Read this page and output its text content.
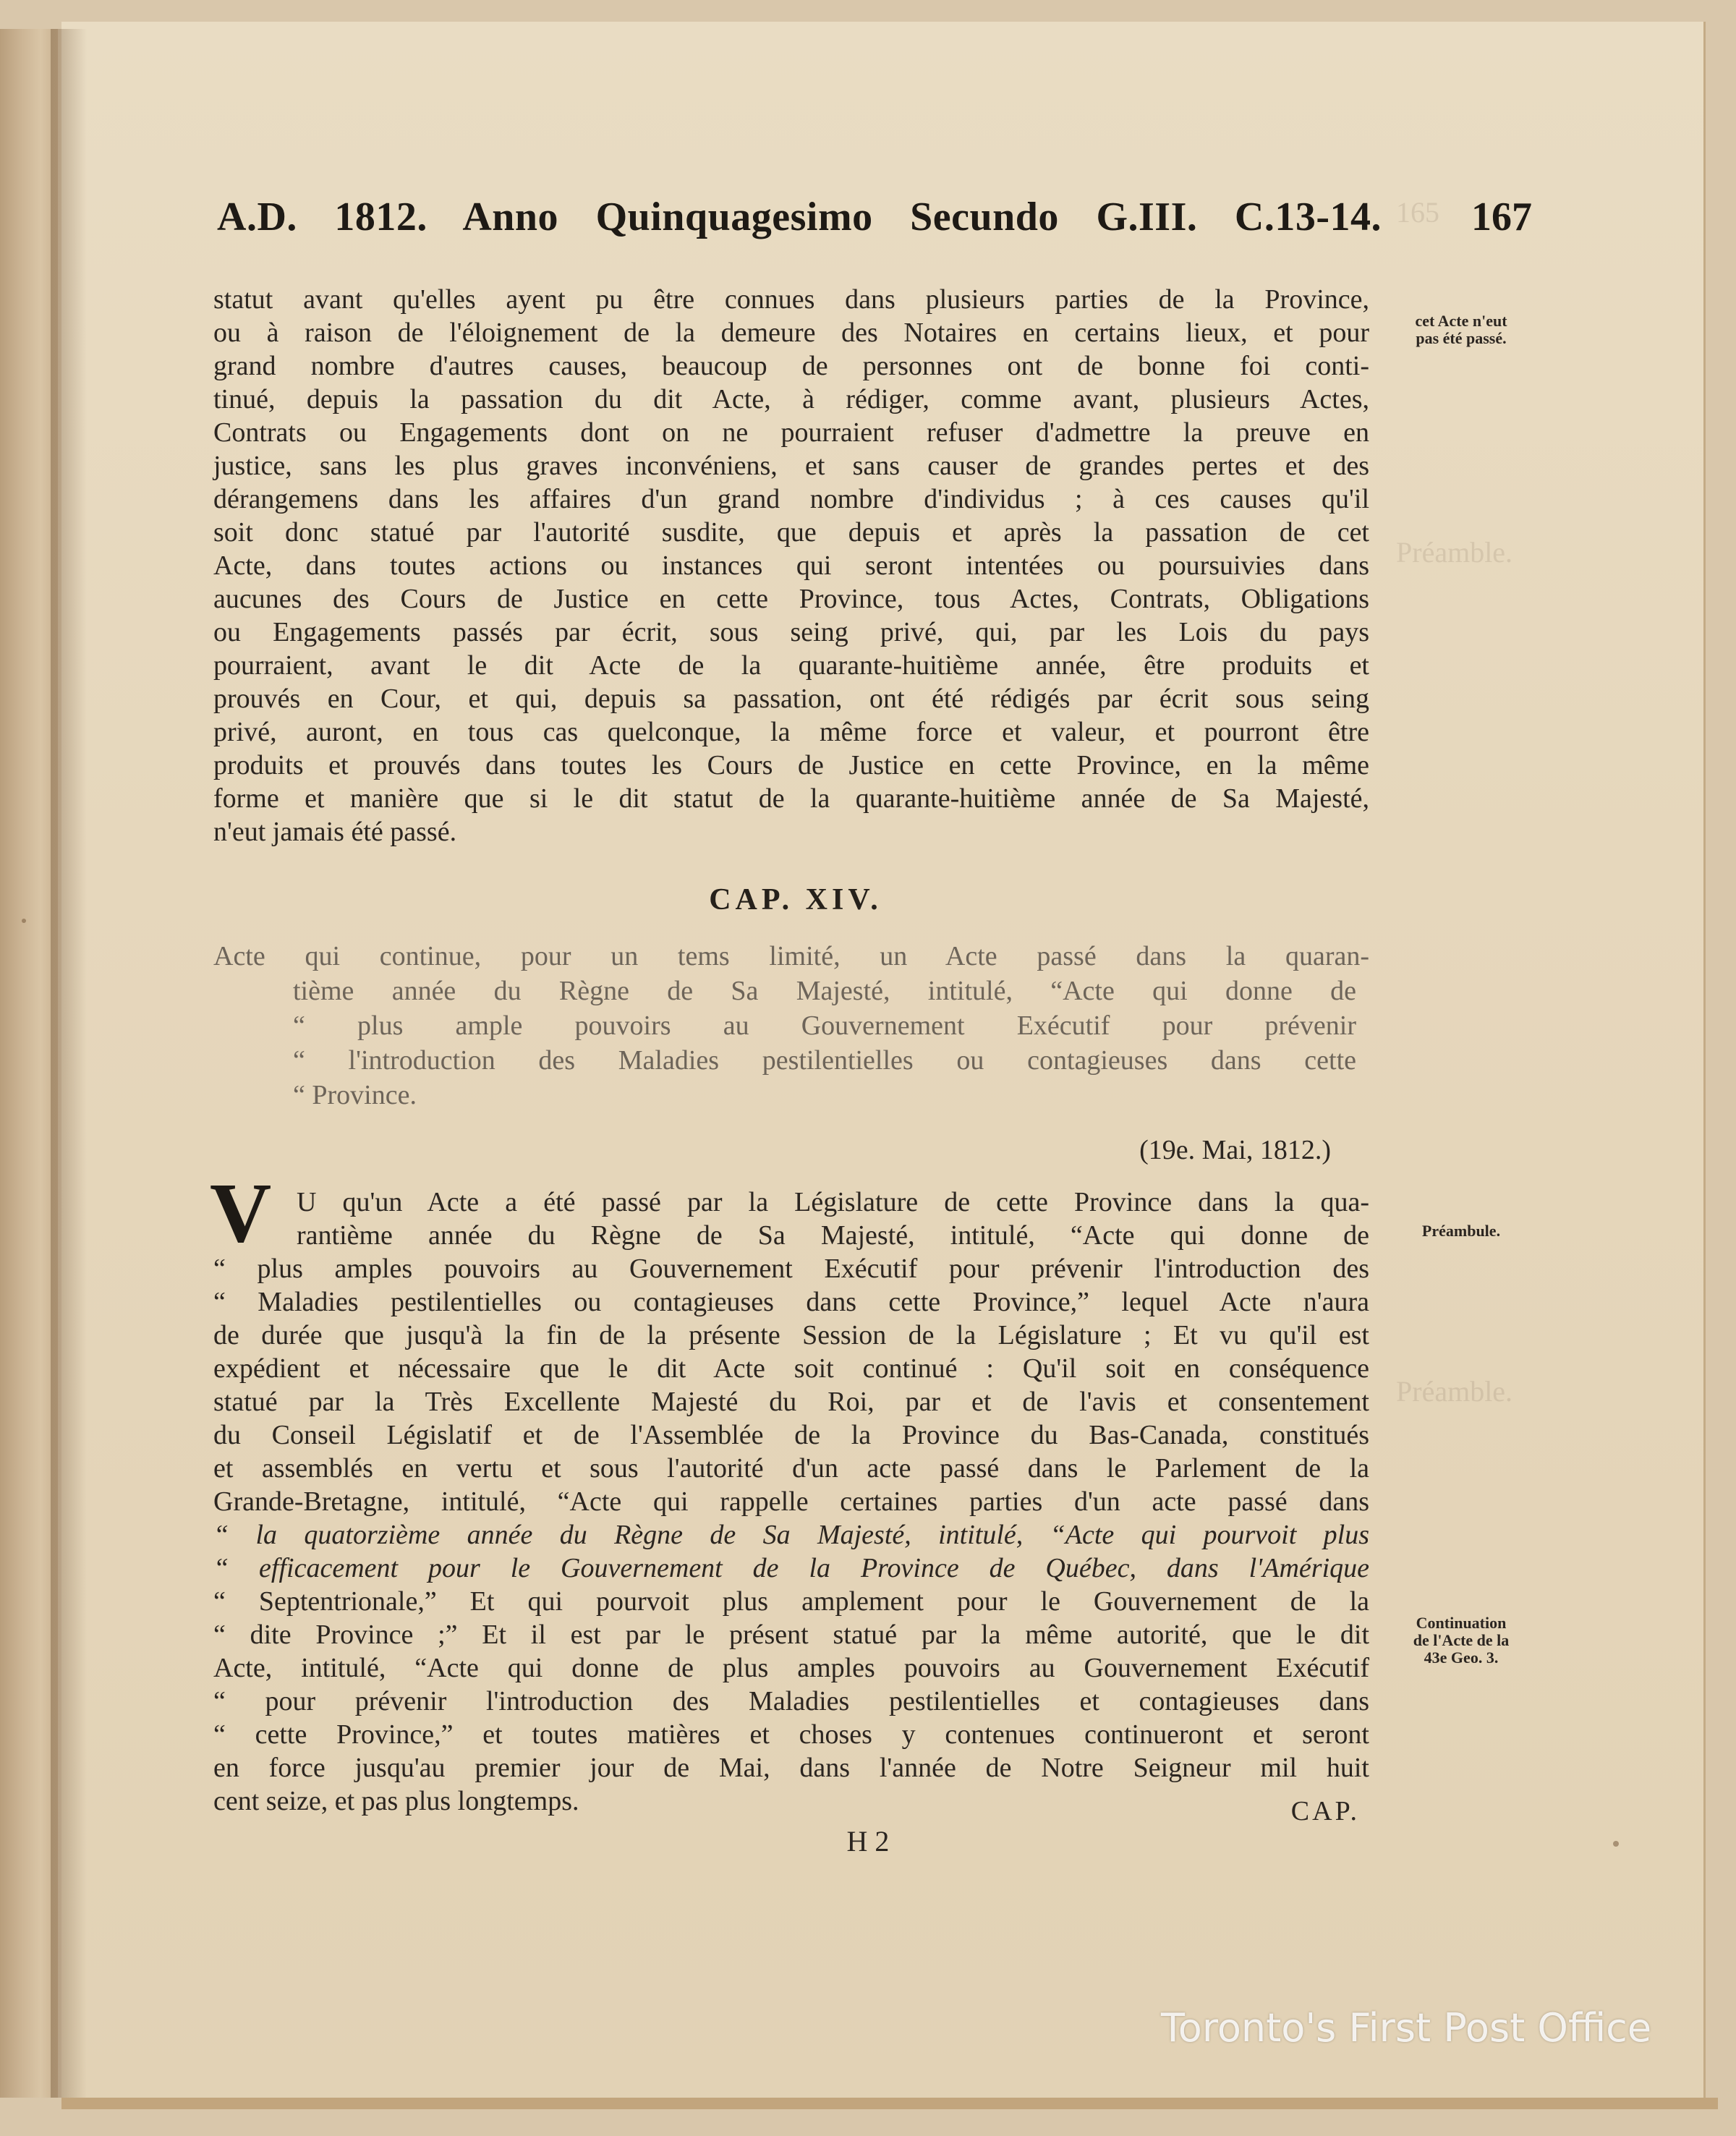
165
Préamble.
Préamble.
A.D. 1812. Anno Quinquagesimo Secundo G.III. C.13-14. 167
statut avant qu'elles ayent pu être connues dans plusieurs parties de la Province,
ou à raison de l'éloignement de la demeure des Notaires en certains lieux, et pour
grand nombre d'autres causes, beaucoup de personnes ont de bonne foi conti-
tinué, depuis la passation du dit Acte, à rédiger, comme avant, plusieurs Actes,
Contrats ou Engagements dont on ne pourraient refuser d'admettre la preuve en
justice, sans les plus graves inconvéniens, et sans causer de grandes pertes et des
dérangemens dans les affaires d'un grand nombre d'individus ; à ces causes qu'il
soit donc statué par l'autorité susdite, que depuis et après la passation de cet
Acte, dans toutes actions ou instances qui seront intentées ou poursuivies dans
aucunes des Cours de Justice en cette Province, tous Actes, Contrats, Obligations
ou Engagements passés par écrit, sous seing privé, qui, par les Lois du pays
pourraient, avant le dit Acte de la quarante-huitième année, être produits et
prouvés en Cour, et qui, depuis sa passation, ont été rédigés par écrit sous seing
privé, auront, en tous cas quelconque, la même force et valeur, et pourront être
produits et prouvés dans toutes les Cours de Justice en cette Province, en la même
forme et manière que si le dit statut de la quarante-huitième année de Sa Majesté,
n'eut jamais été passé.
CAP. XIV.
Acte qui continue, pour un tems limité, un Acte passé dans la quaran-
tième année du Règne de Sa Majesté, intitulé, “Acte qui donne de
“ plus ample pouvoirs au Gouvernement Exécutif pour prévenir
“ l'introduction des Maladies pestilentielles ou contagieuses dans cette
“ Province.
(19e. Mai, 1812.)
V U qu'un Acte a été passé par la Législature de cette Province dans la qua-
rantième année du Règne de Sa Majesté, intitulé, “Acte qui donne de
“ plus amples pouvoirs au Gouvernement Exécutif pour prévenir l'introduction des
“ Maladies pestilentielles ou contagieuses dans cette Province,” lequel Acte n'aura
de durée que jusqu'à la fin de la présente Session de la Législature ; Et vu qu'il est
expédient et nécessaire que le dit Acte soit continué : Qu'il soit en conséquence
statué par la Très Excellente Majesté du Roi, par et de l'avis et consentement
du Conseil Législatif et de l'Assemblée de la Province du Bas-Canada, constitués
et assemblés en vertu et sous l'autorité d'un acte passé dans le Parlement de la
Grande-Bretagne, intitulé, “Acte qui rappelle certaines parties d'un acte passé dans
“ la quatorzième année du Règne de Sa Majesté, intitulé, “Acte qui pourvoit plus
“ efficacement pour le Gouvernement de la Province de Québec, dans l'Amérique
“ Septentrionale,” Et qui pourvoit plus amplement pour le Gouvernement de la
“ dite Province ;” Et il est par le présent statué par la même autorité, que le dit
Acte, intitulé, “Acte qui donne de plus amples pouvoirs au Gouvernement Exécutif
“ pour prévenir l'introduction des Maladies pestilentielles et contagieuses dans
“ cette Province,” et toutes matières et choses y contenues continueront et seront
en force jusqu'au premier jour de Mai, dans l'année de Notre Seigneur mil huit
cent seize, et pas plus longtemps.	CAP.
H 2
cet Acte n'eut
pas été passé.
Préambule.
Continuation
de l'Acte de la
43e Geo. 3.
Toronto's First Post Office
